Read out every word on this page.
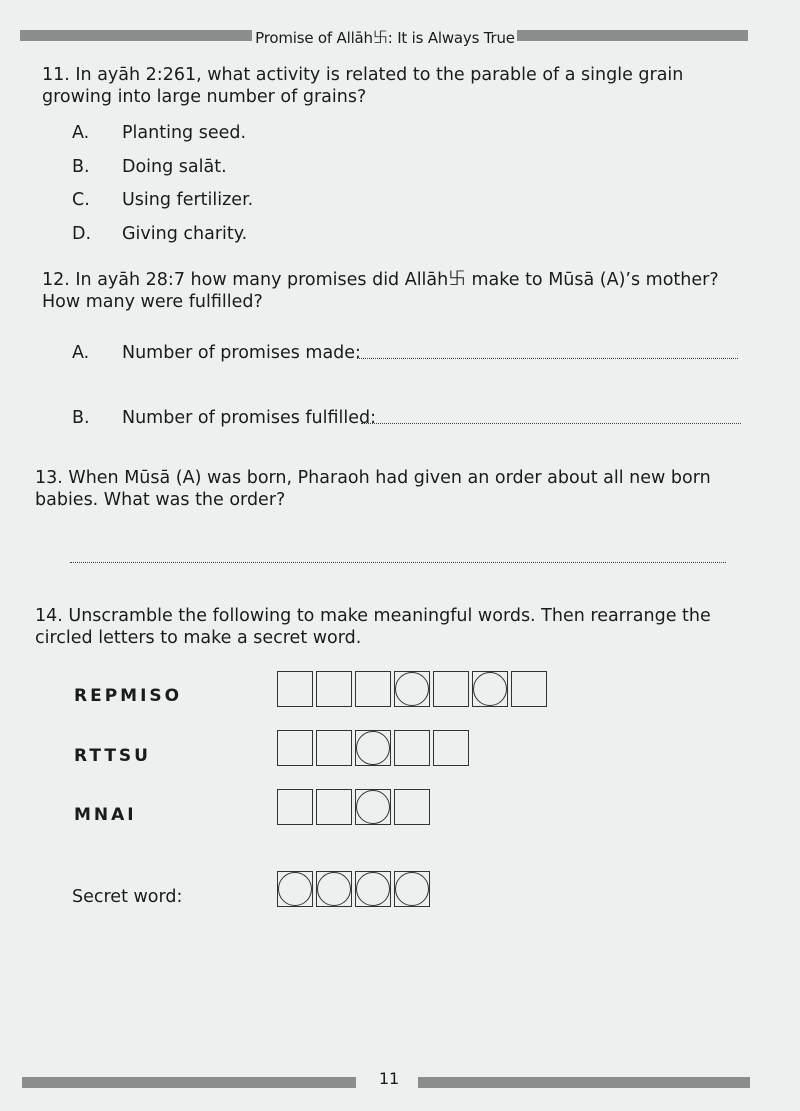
Promise of Allāh࿕: It is Always True
11. In ayāh 2:261, what activity is related to the parable of a single grain growing into large number of grains?
A. Planting seed.
B. Doing salāt.
C. Using fertilizer.
D. Giving charity.
12. In ayāh 28:7 how many promises did Allāh࿕ make to Mūsā (A)’s mother? How many were fulfilled?
A. Number of promises made:
B. Number of promises fulfilled:
13. When Mūsā (A) was born, Pharaoh had given an order about all new born babies. What was the order?
14. Unscramble the following to make meaningful words. Then rearrange the circled letters to make a secret word.
REPMISO
RTTSU
MNAI
Secret word:
11
